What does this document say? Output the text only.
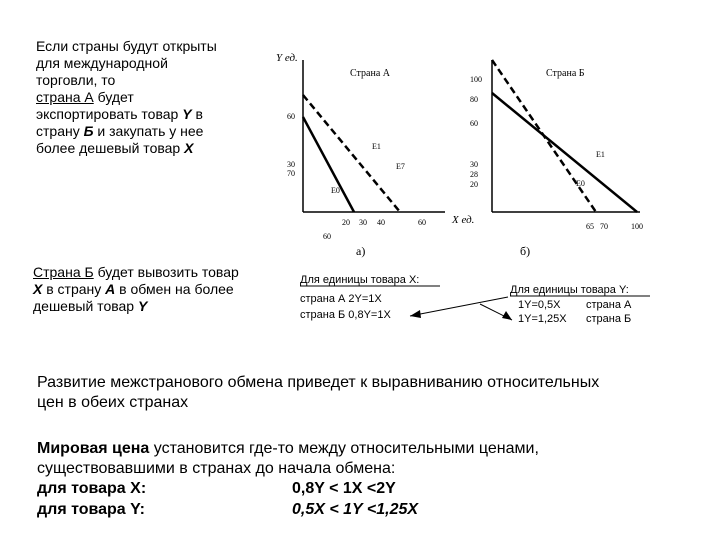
Если страны будут открыты
для международной
торговли, то
страна А будет
экспортировать товар Y в
страну Б и закупать у нее
более дешевый товар X
Страна Б будет вывозить товар
X в страну А в обмен на более
дешевый товар Y
Y ед.
Страна А
60
30
70
E1
E7
E0
60
20 30 40	60
а)
Страна Б
100
80
60
30
28
20
E1
E0
X ед.
65 70	100
б)
Для единицы товара X:
страна А 2Y=1X
страна Б 0,8Y=1X
Для единицы товара Y:
1Y=0,5X страна А
1Y=1,25X страна Б
Развитие межстранового обмена приведет к выравниванию относительных
цен в обеих странах
Мировая цена установится где-то между относительными ценами,
существовавшими в странах до начала обмена:
для товара X:	0,8Y < 1X <2Y
для товара Y:	0,5X < 1Y <1,25X
